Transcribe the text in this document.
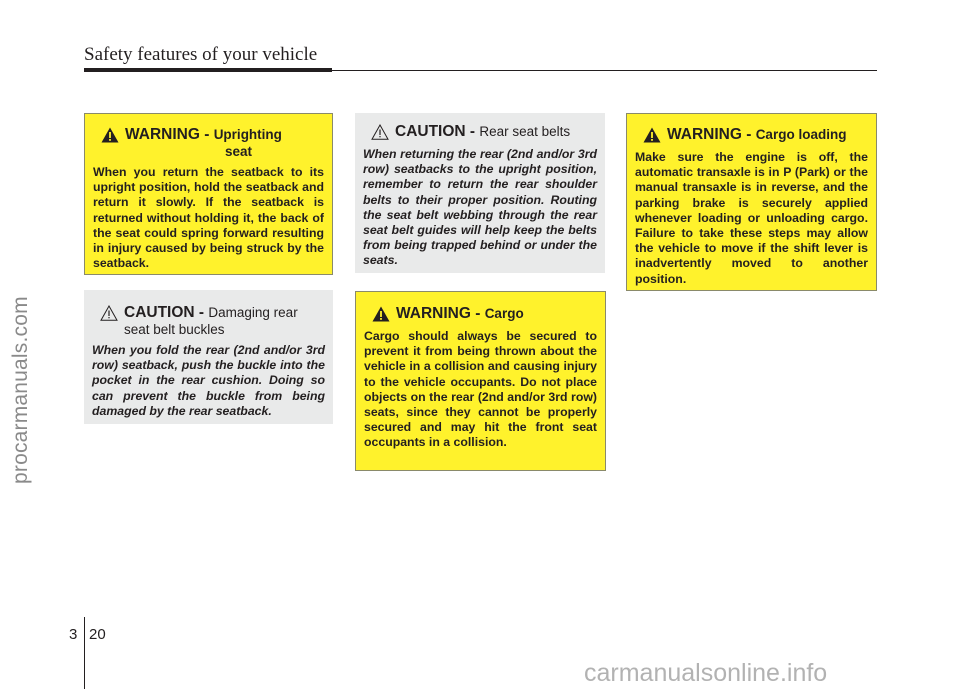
Safety features of your vehicle
procarmanuals.com
WARNING - Uprighting
seat
When you return the seatback to its upright position, hold the seatback and return it slowly. If the seatback is returned without holding it, the back of the seat could spring forward resulting in injury caused by being struck by the seatback.
CAUTION - Damaging rear
seat belt buckles
When you fold the rear (2nd and/or 3rd row) seatback, push the buckle into the pocket in the rear cushion. Doing so can prevent the buckle from being damaged by the rear seatback.
CAUTION - Rear seat belts
When returning the rear (2nd and/or 3rd row) seatbacks to the upright position, remember to return the rear shoulder belts to their proper position. Routing the seat belt webbing through the rear seat belt guides will help keep the belts from being trapped behind or under the seats.
WARNING - Cargo
Cargo should always be secured to prevent it from being thrown about the vehicle in a collision and causing injury to the vehicle occupants. Do not place objects on the rear (2nd and/or 3rd row) seats, since they cannot be properly secured and may hit the front seat occupants in a collision.
WARNING - Cargo loading
Make sure the engine is off, the automatic transaxle is in P (Park) or the manual transaxle is in reverse, and the parking brake is securely applied whenever loading or unloading cargo. Failure to take these steps may allow the vehicle to move if the shift lever is inadvertently moved to another position.
3 20
carmanualsonline.info
